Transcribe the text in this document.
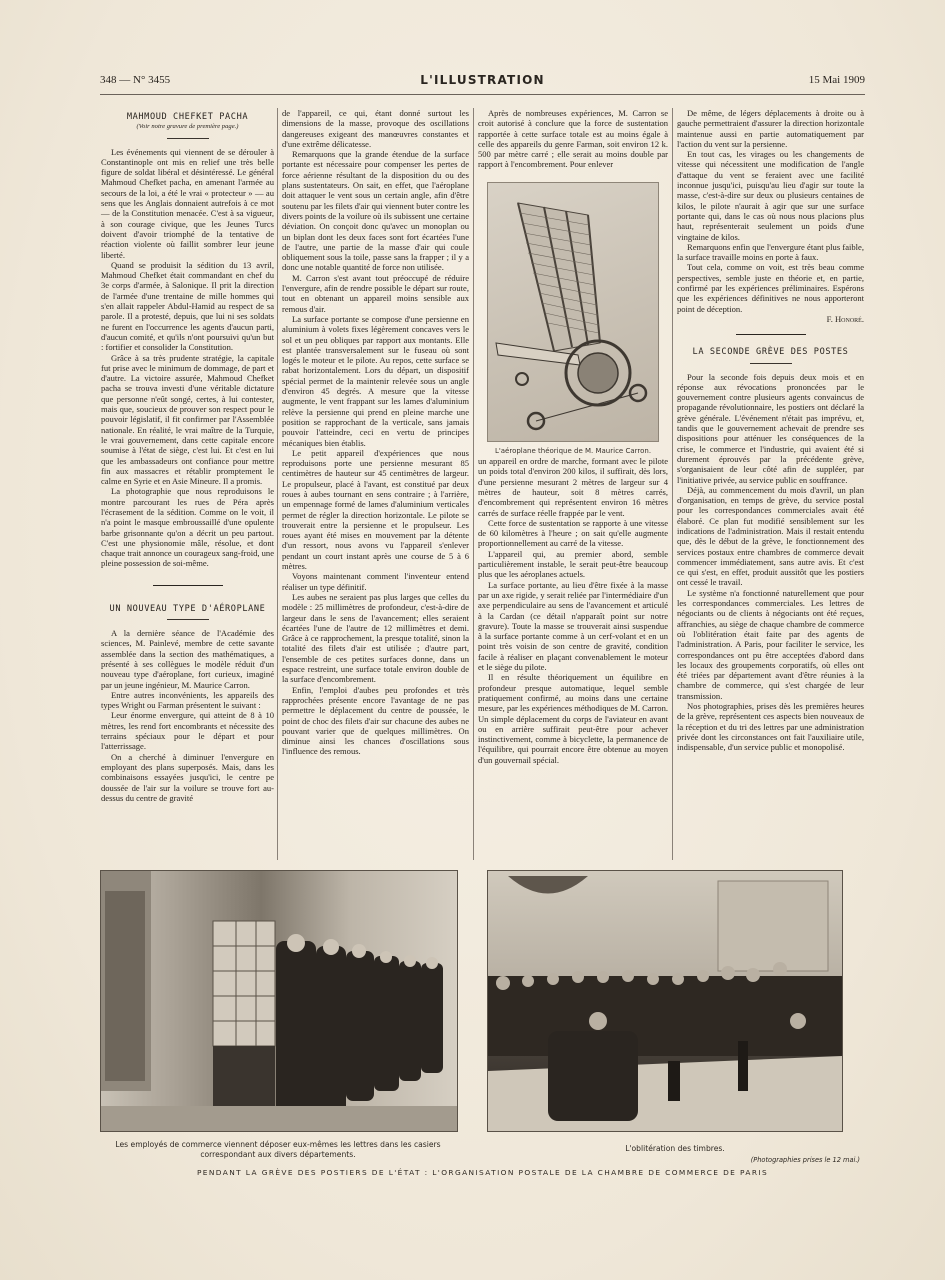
348 — N° 3455	L'ILLUSTRATION	15 Mai 1909

MAHMOUD CHEFKET PACHA

(Voir notre gravure de première page.)

Les événements qui viennent de se dérouler à Constantinople ont mis en relief une très belle figure de soldat libéral et désintéressé. Le général Mahmoud Chefket pacha, en amenant l'armée au secours de la loi, a été le vrai « protecteur » — au sens que les Anglais donnaient autrefois à ce mot — de la Constitution menacée. C'est à sa vigueur, à son courage civique, que les Jeunes Turcs doivent d'avoir triomphé de la tentative de réaction violente où faillit sombrer leur jeune liberté.

Quand se produisit la sédition du 13 avril, Mahmoud Chefket était commandant en chef du 3e corps d'armée, à Salonique. Il prit la direction de l'armée d'une trentaine de mille hommes qui s'en allait rappeler Abdul-Hamid au respect de sa parole. Il a protesté, depuis, que lui ni ses soldats ne furent en l'occurrence les agents d'aucun parti, d'aucun comité, et qu'ils n'ont poursuivi qu'un but : fortifier et consolider la Constitution.

Grâce à sa très prudente stratégie, la capitale fut prise avec le minimum de dommage, de part et d'autre. La victoire assurée, Mahmoud Chefket pacha se trouva investi d'une véritable dictature que personne n'eût songé, certes, à lui contester, mais que, soucieux de prouver son respect pour le pouvoir législatif, il fit confirmer par l'Assemblée nationale. En réalité, le vrai maître de la Turquie, le vrai gouvernement, dans cette capitale encore soumise à l'état de siège, c'est lui. Et c'est en lui que les ambassadeurs ont confiance pour mettre fin aux massacres et rétablir promptement le calme en Syrie et en Asie Mineure. Il a promis.

La photographie que nous reproduisons le montre parcourant les rues de Péra après l'écrasement de la sédition. Comme on le voit, il n'a point le masque embroussaillé d'une opulente barbe grisonnante qu'on a décrit un peu partout. C'est une physionomie mâle, résolue, et dont chaque trait annonce un courageux sang-froid, une pleine possession de soi-même.

UN NOUVEAU TYPE D'AÉROPLANE

A la dernière séance de l'Académie des sciences, M. Painlevé, membre de cette savante assemblée dans la section des mathématiques, a présenté à ses collègues le modèle réduit d'un nouveau type d'aéroplane, fort curieux, imaginé par un jeune ingénieur, M. Maurice Carron.

Entre autres inconvénients, les appareils des types Wright ou Farman présentent le suivant :

Leur énorme envergure, qui atteint de 8 à 10 mètres, les rend fort encombrants et nécessite des terrains spéciaux pour le départ et pour l'atterrissage.

On a cherché à diminuer l'envergure en employant des plans superposés. Mais, dans les combinaisons essayées jusqu'ici, le centre pe doussée de l'air sur la voilure se trouve fort au-dessus du centre de gravité

de l'appareil, ce qui, étant donné surtout les dimensions de la masse, provoque des oscillations dangereuses exigeant des manœuvres constantes et d'une extrême délicatesse.

Remarquons que la grande étendue de la surface portante est nécessaire pour compenser les pertes de force aérienne résultant de la disposition du ou des plans sustentateurs. On sait, en effet, que l'aéroplane doit attaquer le vent sous un certain angle, afin d'être soutenu par les filets d'air qui viennent buter contre les divers points de la voilure où ils subissent une certaine déviation. On conçoit donc qu'avec un monoplan ou un biplan dont les deux faces sont fort écartées l'une de l'autre, une partie de la masse d'air qui coule obliquement sous la toile, passe sans la frapper ; il y a donc une notable quantité de force non utilisée.

M. Carron s'est avant tout préoccupé de réduire l'envergure, afin de rendre possible le départ sur route, tout en obtenant un appareil moins sensible aux remous d'air.

La surface portante se compose d'une persienne en aluminium à volets fixes légèrement concaves vers le sol et un peu obliques par rapport aux montants. Elle est plantée transversalement sur le fuseau où sont logés le moteur et le pilote. Au repos, cette surface se rabat horizontalement. Lors du départ, un dispositif spécial permet de la maintenir relevée sous un angle d'environ 45 degrés. A mesure que la vitesse augmente, le vent frappant sur les lames d'aluminium relève la persienne qui prend en pleine marche une position se rapprochant de la verticale, sans jamais pouvoir l'atteindre, ceci en vertu de principes mécaniques bien établis.

Le petit appareil d'expériences que nous reproduisons porte une persienne mesurant 85 centimètres de hauteur sur 45 centimètres de largeur. Le propulseur, placé à l'avant, est constitué par deux roues à aubes tournant en sens contraire ; à l'arrière, un empennage formé de lames d'aluminium verticales permet de régler la direction horizontale. Le pilote se trouverait entre la persienne et le propulseur. Les roues ayant été mises en mouvement par la détente d'un ressort, nous avons vu l'appareil s'enlever pendant un court instant après une course de 5 à 6 mètres.

Voyons maintenant comment l'inventeur entend réaliser un type définitif.

Les aubes ne seraient pas plus larges que celles du modèle : 25 millimètres de profondeur, c'est-à-dire de largeur dans le sens de l'avancement; elles seraient écartées l'une de l'autre de 12 millimètres et demi. Grâce à ce rapprochement, la presque totalité, sinon la totalité des filets d'air est utilisée ; d'autre part, l'ensemble de ces petites surfaces donne, dans un espace restreint, une surface totale environ double de la surface d'encombrement.

Enfin, l'emploi d'aubes peu profondes et très rapprochées présente encore l'avantage de ne pas permettre le déplacement du centre de poussée, le point de choc des filets d'air sur chacune des aubes ne pouvant varier que de quelques millimètres. On diminue ainsi les chances d'oscillations sous l'influence des remous.

Après de nombreuses expériences, M. Carron se croit autorisé à conclure que la force de sustentation rapportée à cette surface totale est au moins égale à celle des appareils du genre Farman, soit environ 12 k. 500 par mètre carré ; elle serait au moins double par rapport à l'encombrement. Pour enlever

L'aéroplane théorique de M. Maurice Carron.

un appareil en ordre de marche, formant avec le pilote un poids total d'environ 200 kilos, il suffirait, dès lors, d'une persienne mesurant 2 mètres de largeur sur 4 mètres de hauteur, soit 8 mètres carrés, d'encombrement qui représentent environ 16 mètres carrés de surface réelle frappée par le vent.

Cette force de sustentation se rapporte à une vitesse de 60 kilomètres à l'heure ; on sait qu'elle augmente proportionnellement au carré de la vitesse.

L'appareil qui, au premier abord, semble particulièrement instable, le serait peut-être beaucoup plus que les aéroplanes actuels.

La surface portante, au lieu d'être fixée à la masse par un axe rigide, y serait reliée par l'intermédiaire d'un axe perpendiculaire au sens de l'avancement et articulé à la Cardan (ce détail n'apparaît point sur notre gravure). Toute la masse se trouverait ainsi suspendue à la surface portante comme à un cerf-volant et en un point très voisin de son centre de gravité, condition facile à réaliser en plaçant convenablement le moteur et le siège du pilote.

Il en résulte théoriquement un équilibre en profondeur presque automatique, lequel semble pratiquement confirmé, au moins dans une certaine mesure, par les expériences méthodiques de M. Carron. Un simple déplacement du corps de l'aviateur en avant ou en arrière suffirait peut-être pour achever instinctivement, comme à bicyclette, la permanence de l'équilibre, qui pourrait encore être obtenue au moyen d'un gouvernail spécial.

De même, de légers déplacements à droite ou à gauche permettraient d'assurer la direction horizontale maintenue aussi en partie automatiquement par l'action du vent sur la persienne.

En tout cas, les virages ou les changements de vitesse qui nécessitent une modification de l'angle d'attaque du vent se feraient avec une facilité inconnue jusqu'ici, puisqu'au lieu d'agir sur toute la masse, c'est-à-dire sur deux ou plusieurs centaines de kilos, le pilote n'aurait à agir que sur une surface portante qui, dans le cas où nous nous placions plus haut, représenterait seulement un poids d'une vingtaine de kilos.

Remarquons enfin que l'envergure étant plus faible, la surface travaille moins en porte à faux.

Tout cela, comme on voit, est très beau comme perspectives, semble juste en théorie et, en partie, confirmé par les expériences préliminaires. Espérons que les expériences définitives ne nous apporteront point de déception.

F. Honoré.

LA SECONDE GRÈVE DES POSTES

Pour la seconde fois depuis deux mois et en réponse aux révocations prononcées par le gouvernement contre plusieurs agents convaincus de propagande révolutionnaire, les postiers ont déclaré la grève générale. L'événement n'était pas imprévu, et, tandis que le gouvernement achevait de prendre ses dispositions pour atténuer les conséquences de la crise, le commerce et l'industrie, qui avaient été si durement éprouvés par la précédente grève, s'organisaient de leur côté afin de suppléer, par l'initiative privée, au service public en souffrance.

Déjà, au commencement du mois d'avril, un plan d'organisation, en temps de grève, du service postal pour les correspondances commerciales avait été élaboré. Ce plan fut modifié sensiblement sur les indications de l'administration. Mais il restait entendu que, dès le début de la grève, le fonctionnement des services postaux entre chambres de commerce devait commencer immédiatement, sans autre avis. Et c'est ce qui s'est, en effet, produit aussitôt que les postiers ont cessé le travail.

Le système n'a fonctionné naturellement que pour les correspondances commerciales. Les lettres de négociants ou de clients à négociants ont été reçues, affranchies, au siège de chaque chambre de commerce où l'oblitération était faite par des agents de l'administration. A Paris, pour faciliter le service, les correspondances ont pu être acceptées d'abord dans les locaux des groupements corporatifs, où elles ont été triées par département avant d'être réunies à la chambre de commerce, qui s'est chargée de leur transmission.

Nos photographies, prises dès les premières heures de la grève, représentent ces aspects bien nouveaux de la réception et du tri des lettres par une administration privée dont les circonstances ont fait l'auxiliaire utile, indispensable, d'un service public et monopolisé.

Les employés de commerce viennent déposer eux-mêmes les lettres dans les casiers correspondant aux divers départements.
L'oblitération des timbres.
(Photographies prises le 12 mai.)
PENDANT LA GRÈVE DES POSTIERS DE L'ÉTAT : L'ORGANISATION POSTALE DE LA CHAMBRE DE COMMERCE DE PARIS
